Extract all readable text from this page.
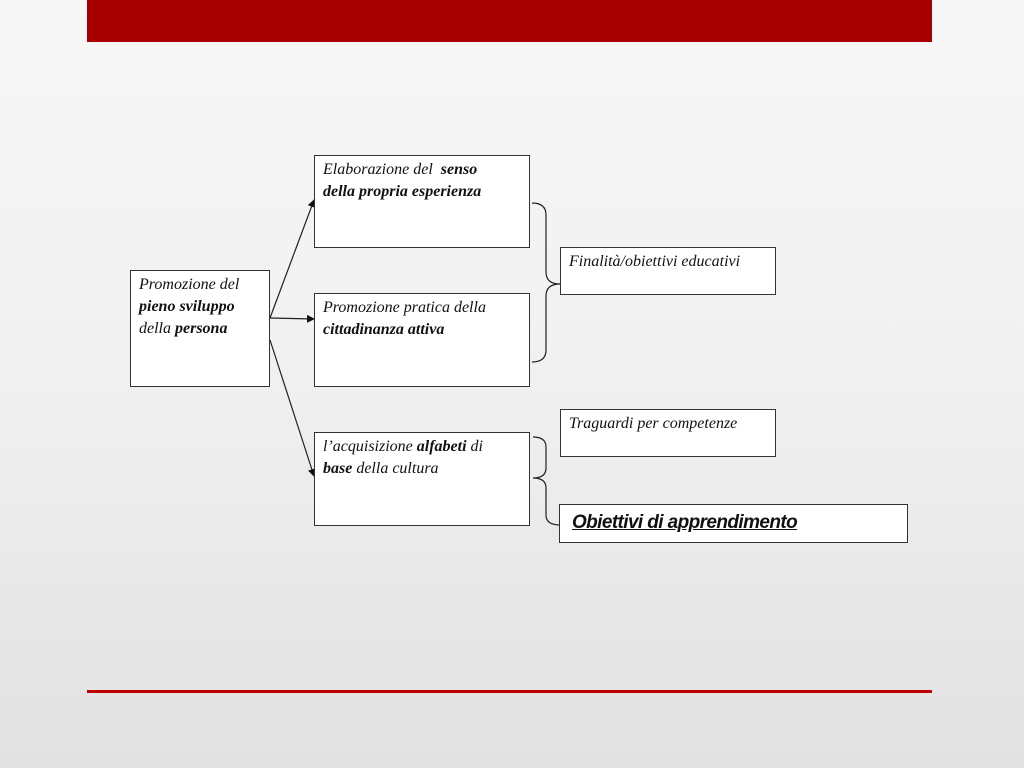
Promozione del
pieno sviluppo
della persona
Elaborazione del senso
della propria esperienza
Promozione pratica della
cittadinanza attiva
l’acquisizione alfabeti di
base della cultura
Finalità/obiettivi educativi
Traguardi per competenze
Obiettivi di apprendimento
